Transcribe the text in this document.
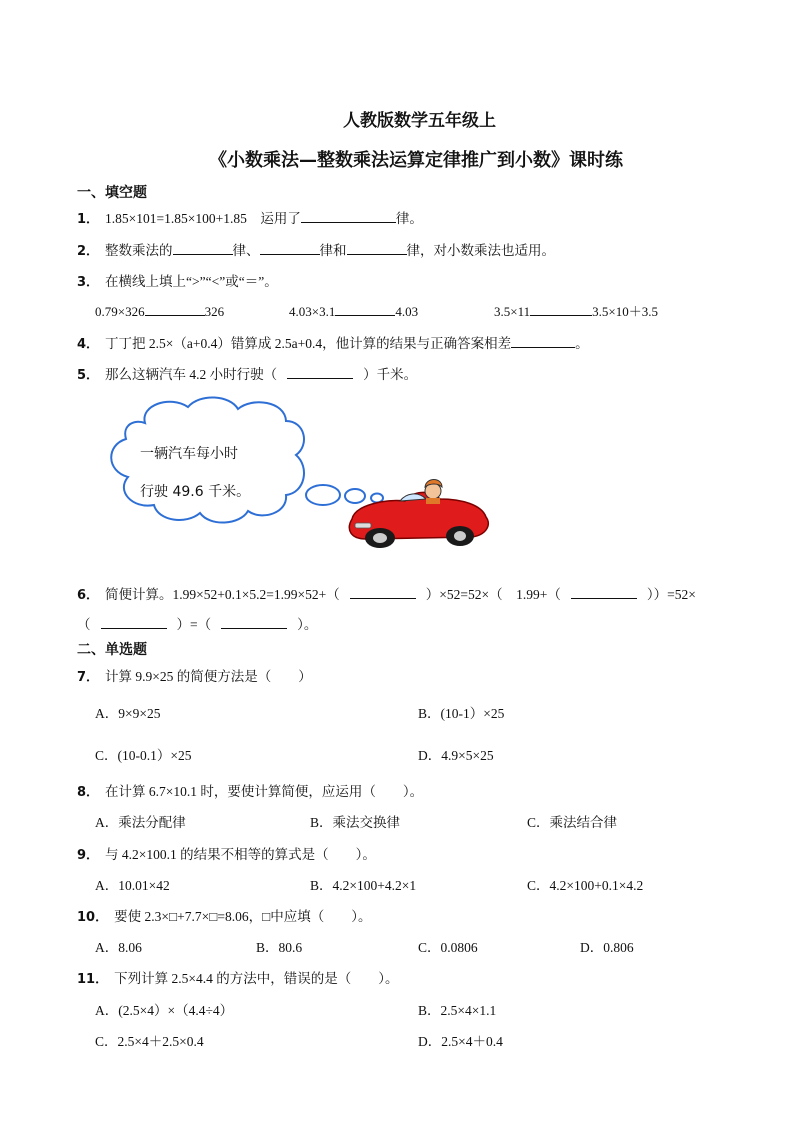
人教版数学五年级上
《小数乘法—整数乘法运算定律推广到小数》课时练
一、填空题
1． 1.85×101=1.85×100+1.85　运用了	律。
2． 整数乘法的	律、	律和	律，对小数乘法也适用。
3． 在横线上填上“>”“<”或“＝”。
0.79×326	326	4.03×3.1	4.03	3.5×11	3.5×10＋3.5
4． 丁丁把 2.5×（a+0.4）错算成 2.5a+0.4，他计算的结果与正确答案相差	。
5． 那么这辆汽车 4.2 小时行驶（	）千米。
一辆汽车每小时
行驶 49.6 千米。
6． 简便计算。1.99×52+0.1×5.2=1.99×52+（	）×52=52×（　1.99+（	））=52×
（	）=（	）。
二、单选题
7． 计算 9.9×25 的简便方法是（　　）
A．9×9×25	B．(10-1）×25
C．(10-0.1）×25	D．4.9×5×25
8． 在计算 6.7×10.1 时，要使计算简便，应运用（　　）。
A．乘法分配律	B．乘法交换律	C．乘法结合律
9． 与 4.2×100.1 的结果不相等的算式是（　　）。
A．10.01×42	B．4.2×100+4.2×1	C．4.2×100+0.1×4.2
10． 要使 2.3×□+7.7×□=8.06，□中应填（　　）。
A．8.06	B．80.6	C．0.0806	D．0.806
11． 下列计算 2.5×4.4 的方法中，错误的是（　　）。
A．(2.5×4）×（4.4÷4）	B．2.5×4×1.1
C．2.5×4＋2.5×0.4	D．2.5×4＋0.4
